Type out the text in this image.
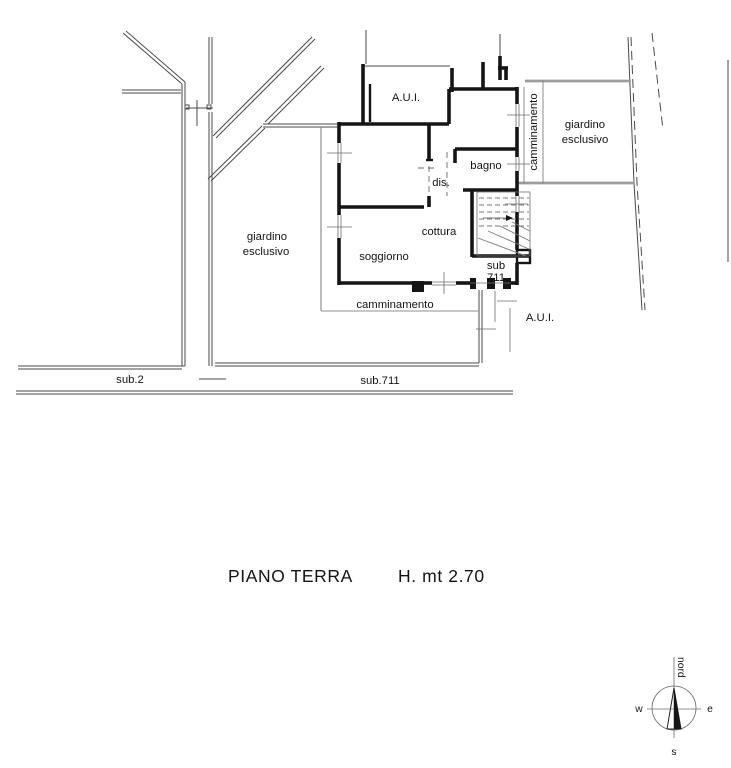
A.U.I.
bagno
dis.
cottura
soggiorno
sub
711
A.U.I.
camminamento
camminamento
giardino
esclusivo
giardino
esclusivo
sub.2	sub.711
PIANO TERRA	H. mt 2.70
nord
w	e
s
